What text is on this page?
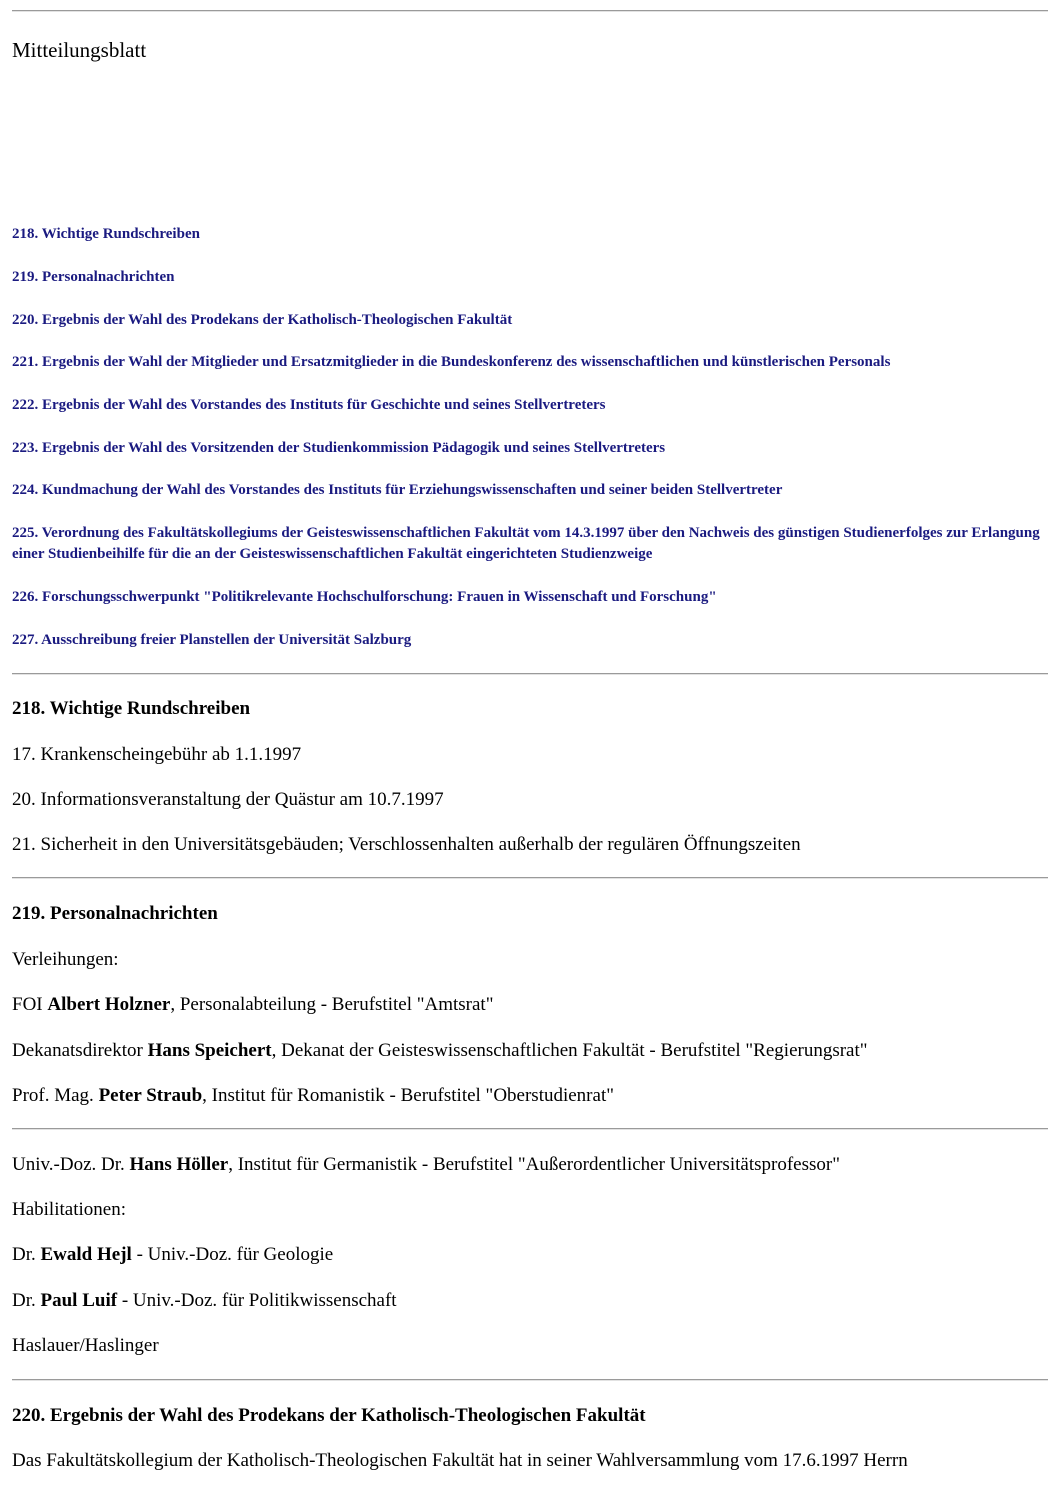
Mitteilungsblatt
218. Wichtige Rundschreiben
219. Personalnachrichten
220. Ergebnis der Wahl des Prodekans der Katholisch-Theologischen Fakultät
221. Ergebnis der Wahl der Mitglieder und Ersatzmitglieder in die Bundeskonferenz des wissenschaftlichen und künstlerischen Personals
222. Ergebnis der Wahl des Vorstandes des Instituts für Geschichte und seines Stellvertreters
223. Ergebnis der Wahl des Vorsitzenden der Studienkommission Pädagogik und seines Stellvertreters
224. Kundmachung der Wahl des Vorstandes des Instituts für Erziehungswissenschaften und seiner beiden Stellvertreter
225. Verordnung des Fakultätskollegiums der Geisteswissenschaftlichen Fakultät vom 14.3.1997 über den Nachweis des günstigen Studienerfolges zur Erlangung einer Studienbeihilfe für die an der Geisteswissenschaftlichen Fakultät eingerichteten Studienzweige
226. Forschungsschwerpunkt "Politikrelevante Hochschulforschung: Frauen in Wissenschaft und Forschung"
227. Ausschreibung freier Planstellen der Universität Salzburg
218. Wichtige Rundschreiben
17. Krankenscheingebühr ab 1.1.1997
20. Informationsveranstaltung der Quästur am 10.7.1997
21. Sicherheit in den Universitätsgebäuden; Verschlossenhalten außerhalb der regulären Öffnungszeiten
219. Personalnachrichten
Verleihungen:
FOI Albert Holzner, Personalabteilung - Berufstitel "Amtsrat"
Dekanatsdirektor Hans Speichert, Dekanat der Geisteswissenschaftlichen Fakultät - Berufstitel "Regierungsrat"
Prof. Mag. Peter Straub, Institut für Romanistik - Berufstitel "Oberstudienrat"
Univ.-Doz. Dr. Hans Höller, Institut für Germanistik - Berufstitel "Außerordentlicher Universitätsprofessor"
Habilitationen:
Dr. Ewald Hejl - Univ.-Doz. für Geologie
Dr. Paul Luif - Univ.-Doz. für Politikwissenschaft
Haslauer/Haslinger
220. Ergebnis der Wahl des Prodekans der Katholisch-Theologischen Fakultät
Das Fakultätskollegium der Katholisch-Theologischen Fakultät hat in seiner Wahlversammlung vom 17.6.1997 Herrn
